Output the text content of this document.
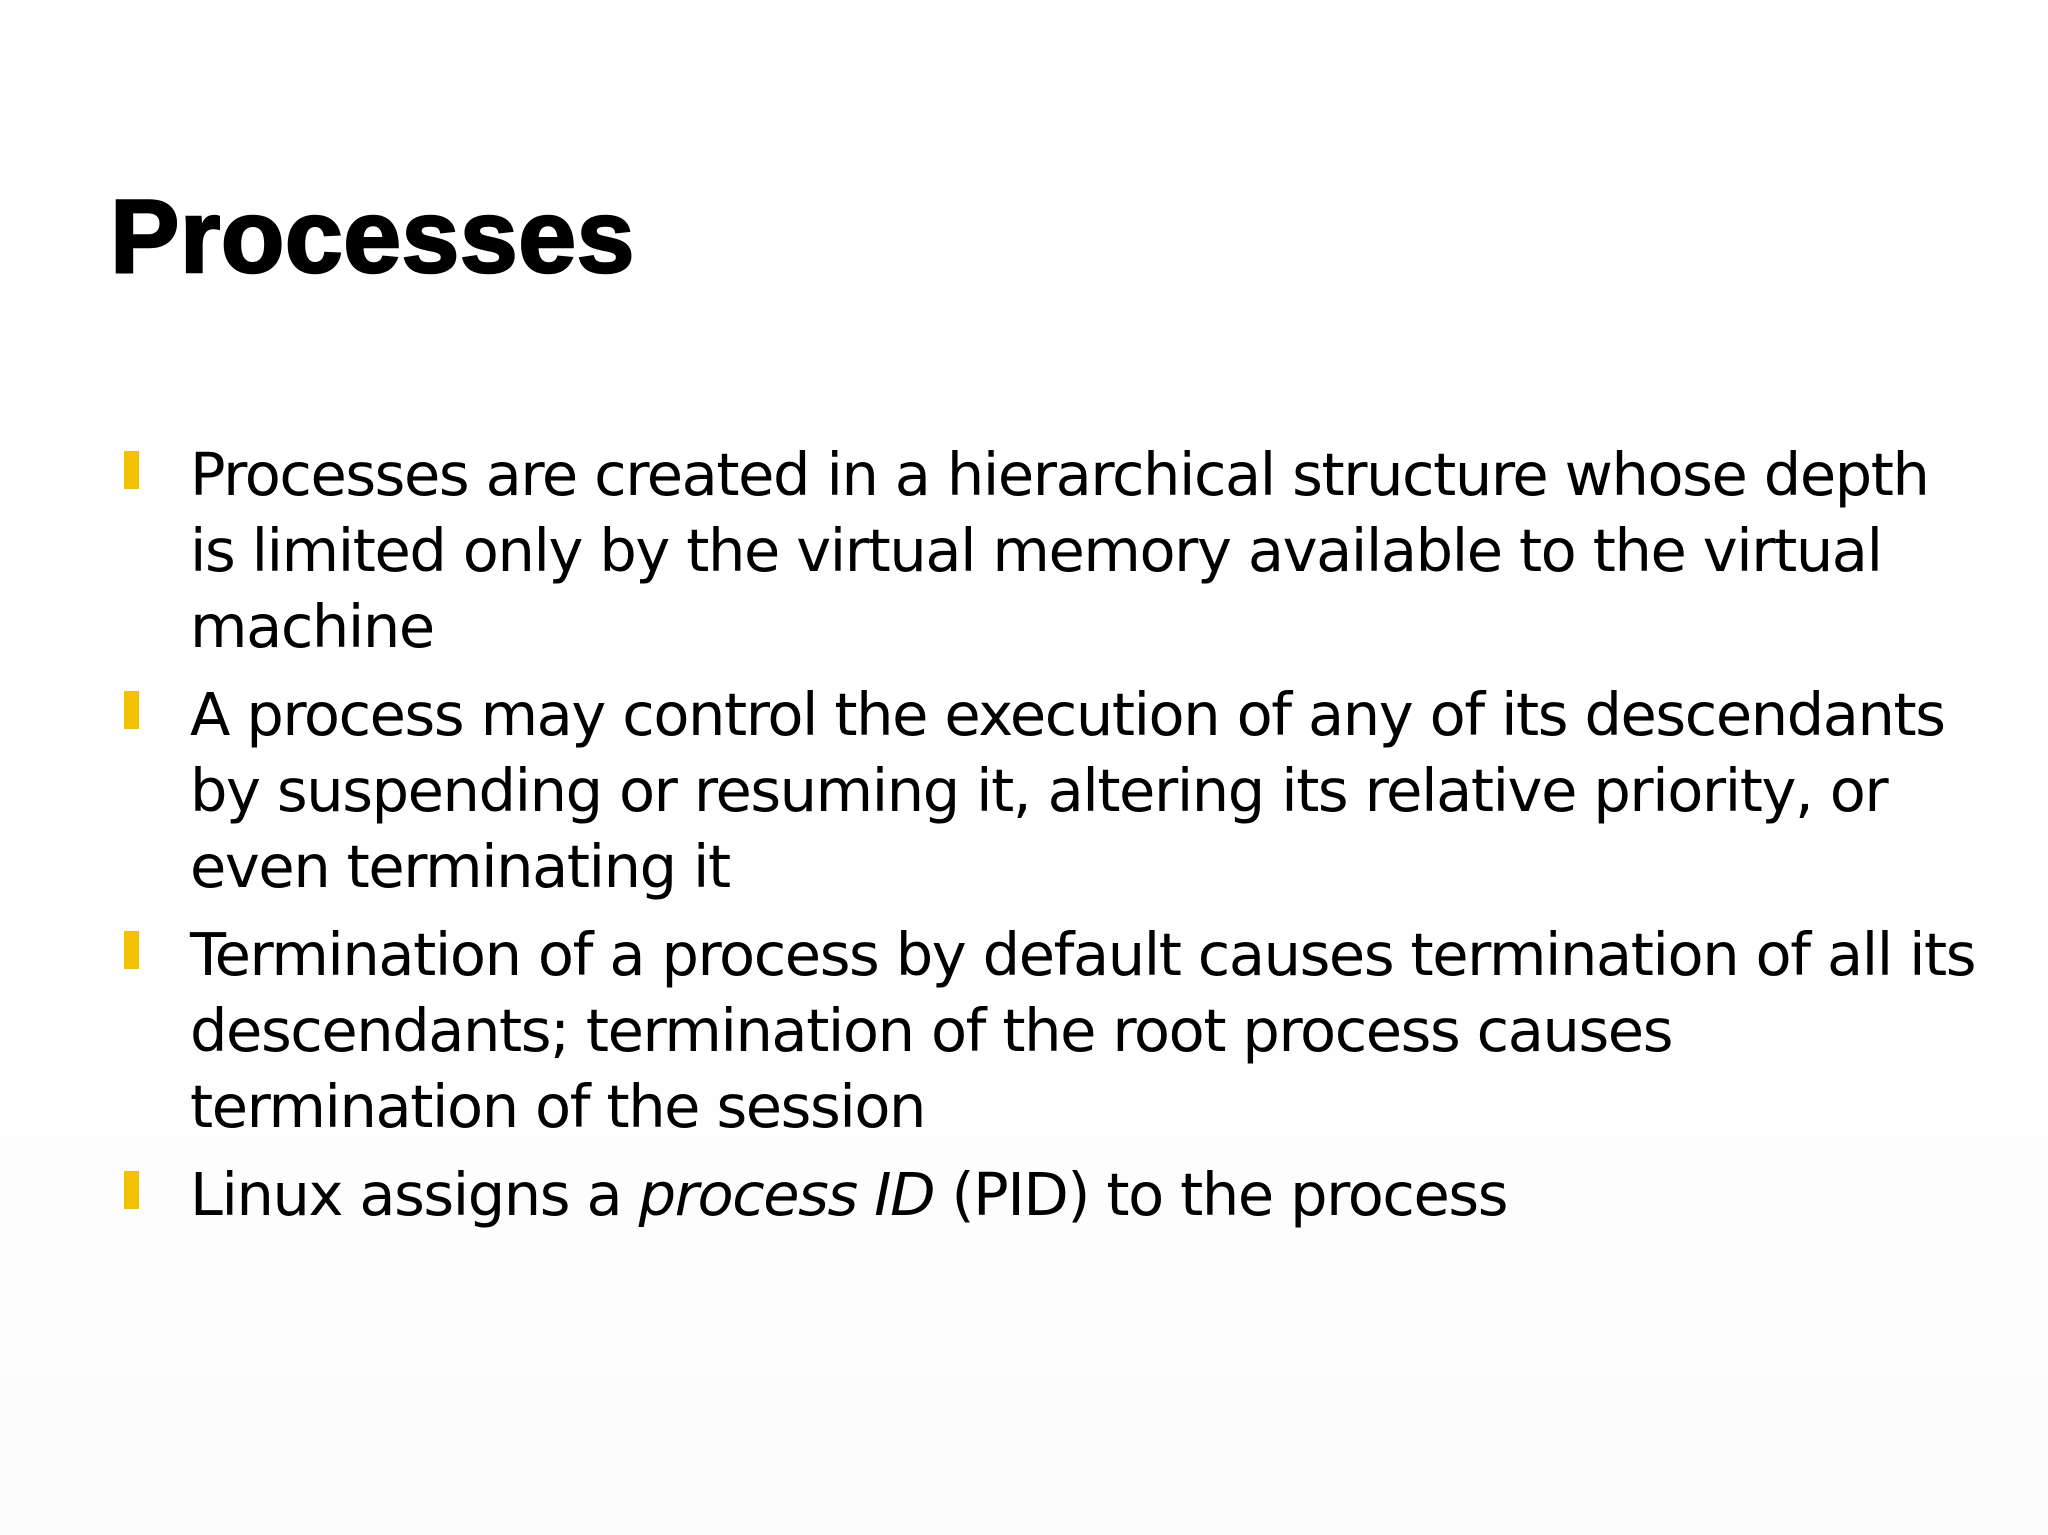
Processes
Processes are created in a hierarchical structure whose depth is limited only by the virtual memory available to the virtual machine
A process may control the execution of any of its descendants by suspending or resuming it, altering its relative priority, or even terminating it
Termination of a process by default causes termination of all its descendants; termination of the root process causes termination of the session
Linux assigns a process ID (PID) to the process
